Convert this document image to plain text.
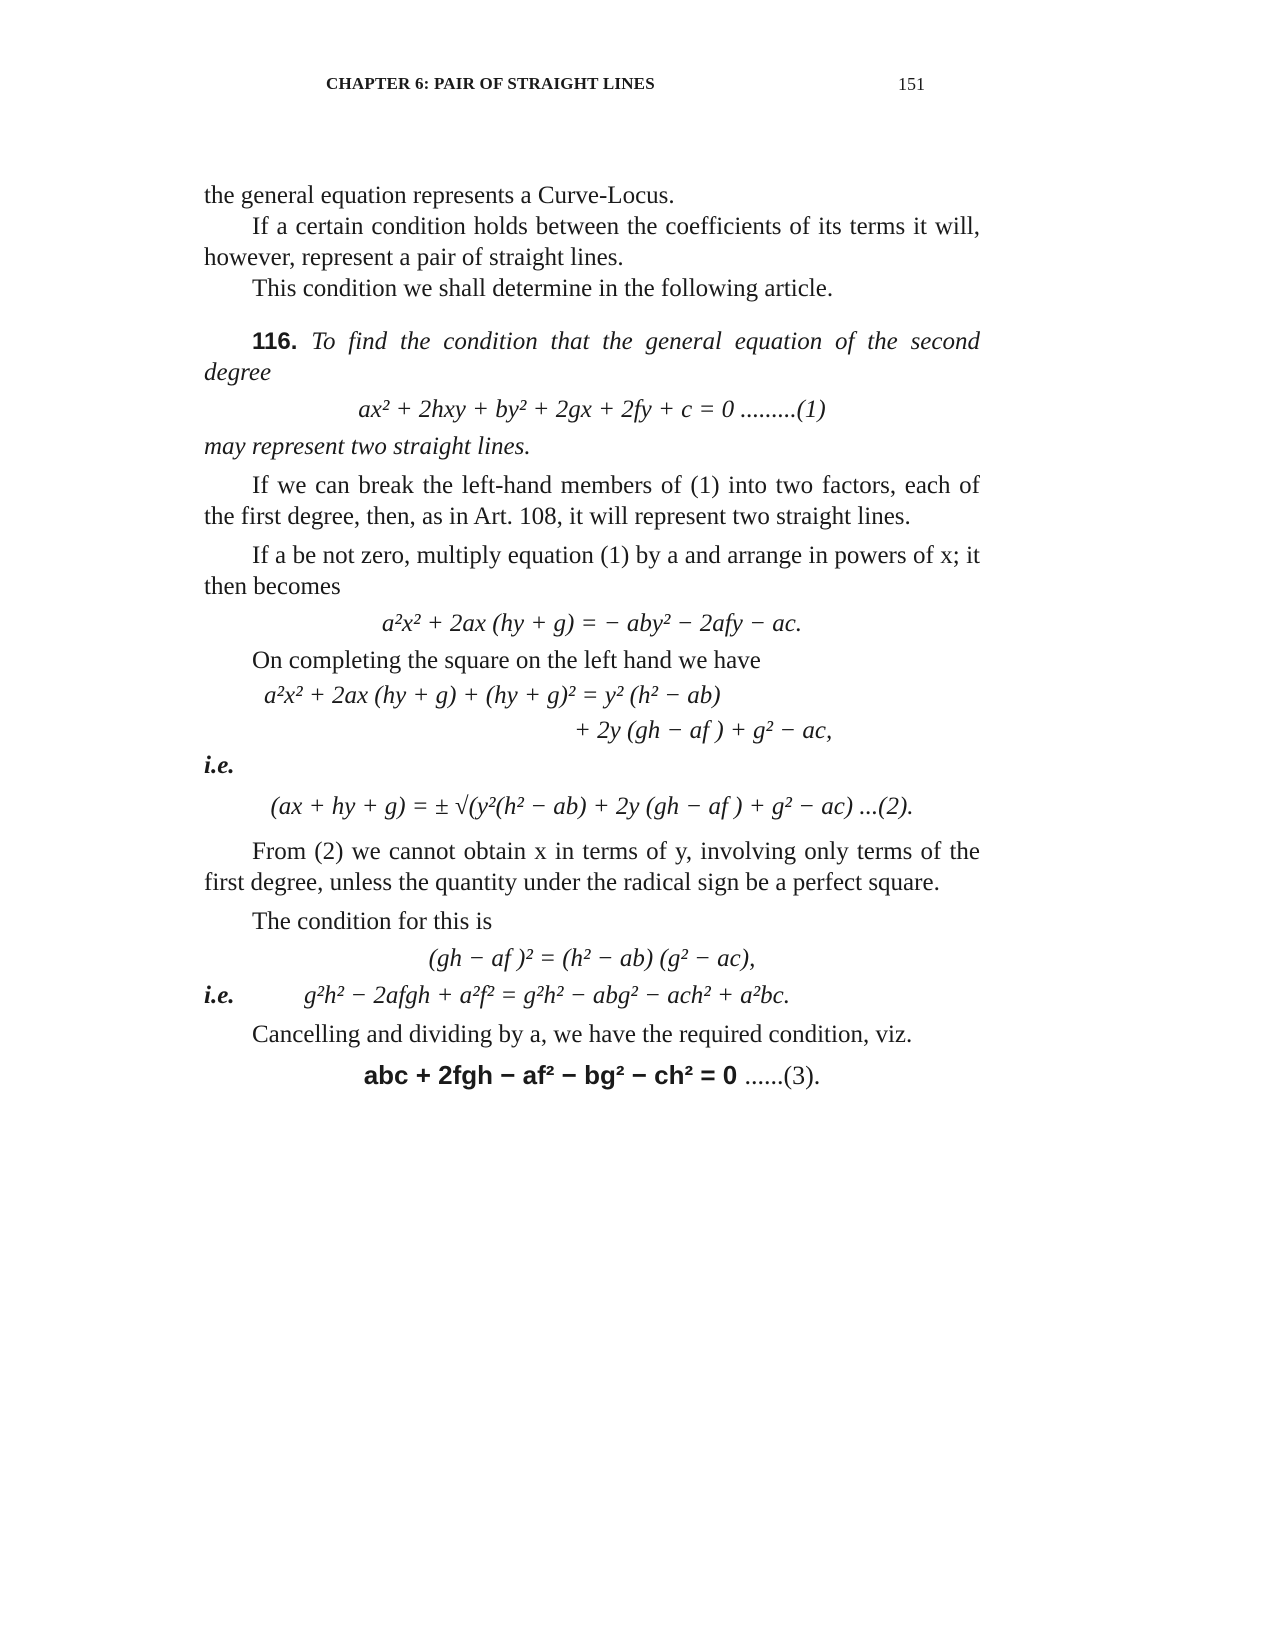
CHAPTER 6: PAIR OF STRAIGHT LINES	151

the general equation represents a Curve-Locus.

If a certain condition holds between the coefficients of its terms it will, however, represent a pair of straight lines.

This condition we shall determine in the following article.

116. To find the condition that the general equation of the second degree

ax² + 2hxy + by² + 2gx + 2fy + c = 0 .........(1)

may represent two straight lines.

If we can break the left-hand members of (1) into two factors, each of the first degree, then, as in Art. 108, it will represent two straight lines.

If a be not zero, multiply equation (1) by a and arrange in powers of x; it then becomes

a²x² + 2ax (hy + g) = − aby² − 2afy − ac.

On completing the square on the left hand we have

a²x² + 2ax (hy + g) + (hy + g)² = y² (h² − ab)
+ 2y (gh − af ) + g² − ac,
i.e.
(ax + hy + g) = ± √(y²(h² − ab) + 2y (gh − af ) + g² − ac) ...(2).

From (2) we cannot obtain x in terms of y, involving only terms of the first degree, unless the quantity under the radical sign be a perfect square.

The condition for this is

(gh − af )² = (h² − ab) (g² − ac),
i.e.	g²h² − 2afgh + a²f² = g²h² − abg² − ach² + a²bc.

Cancelling and dividing by a, we have the required condition, viz.

abc + 2fgh − af² − bg² − ch² = 0 ......(3).
